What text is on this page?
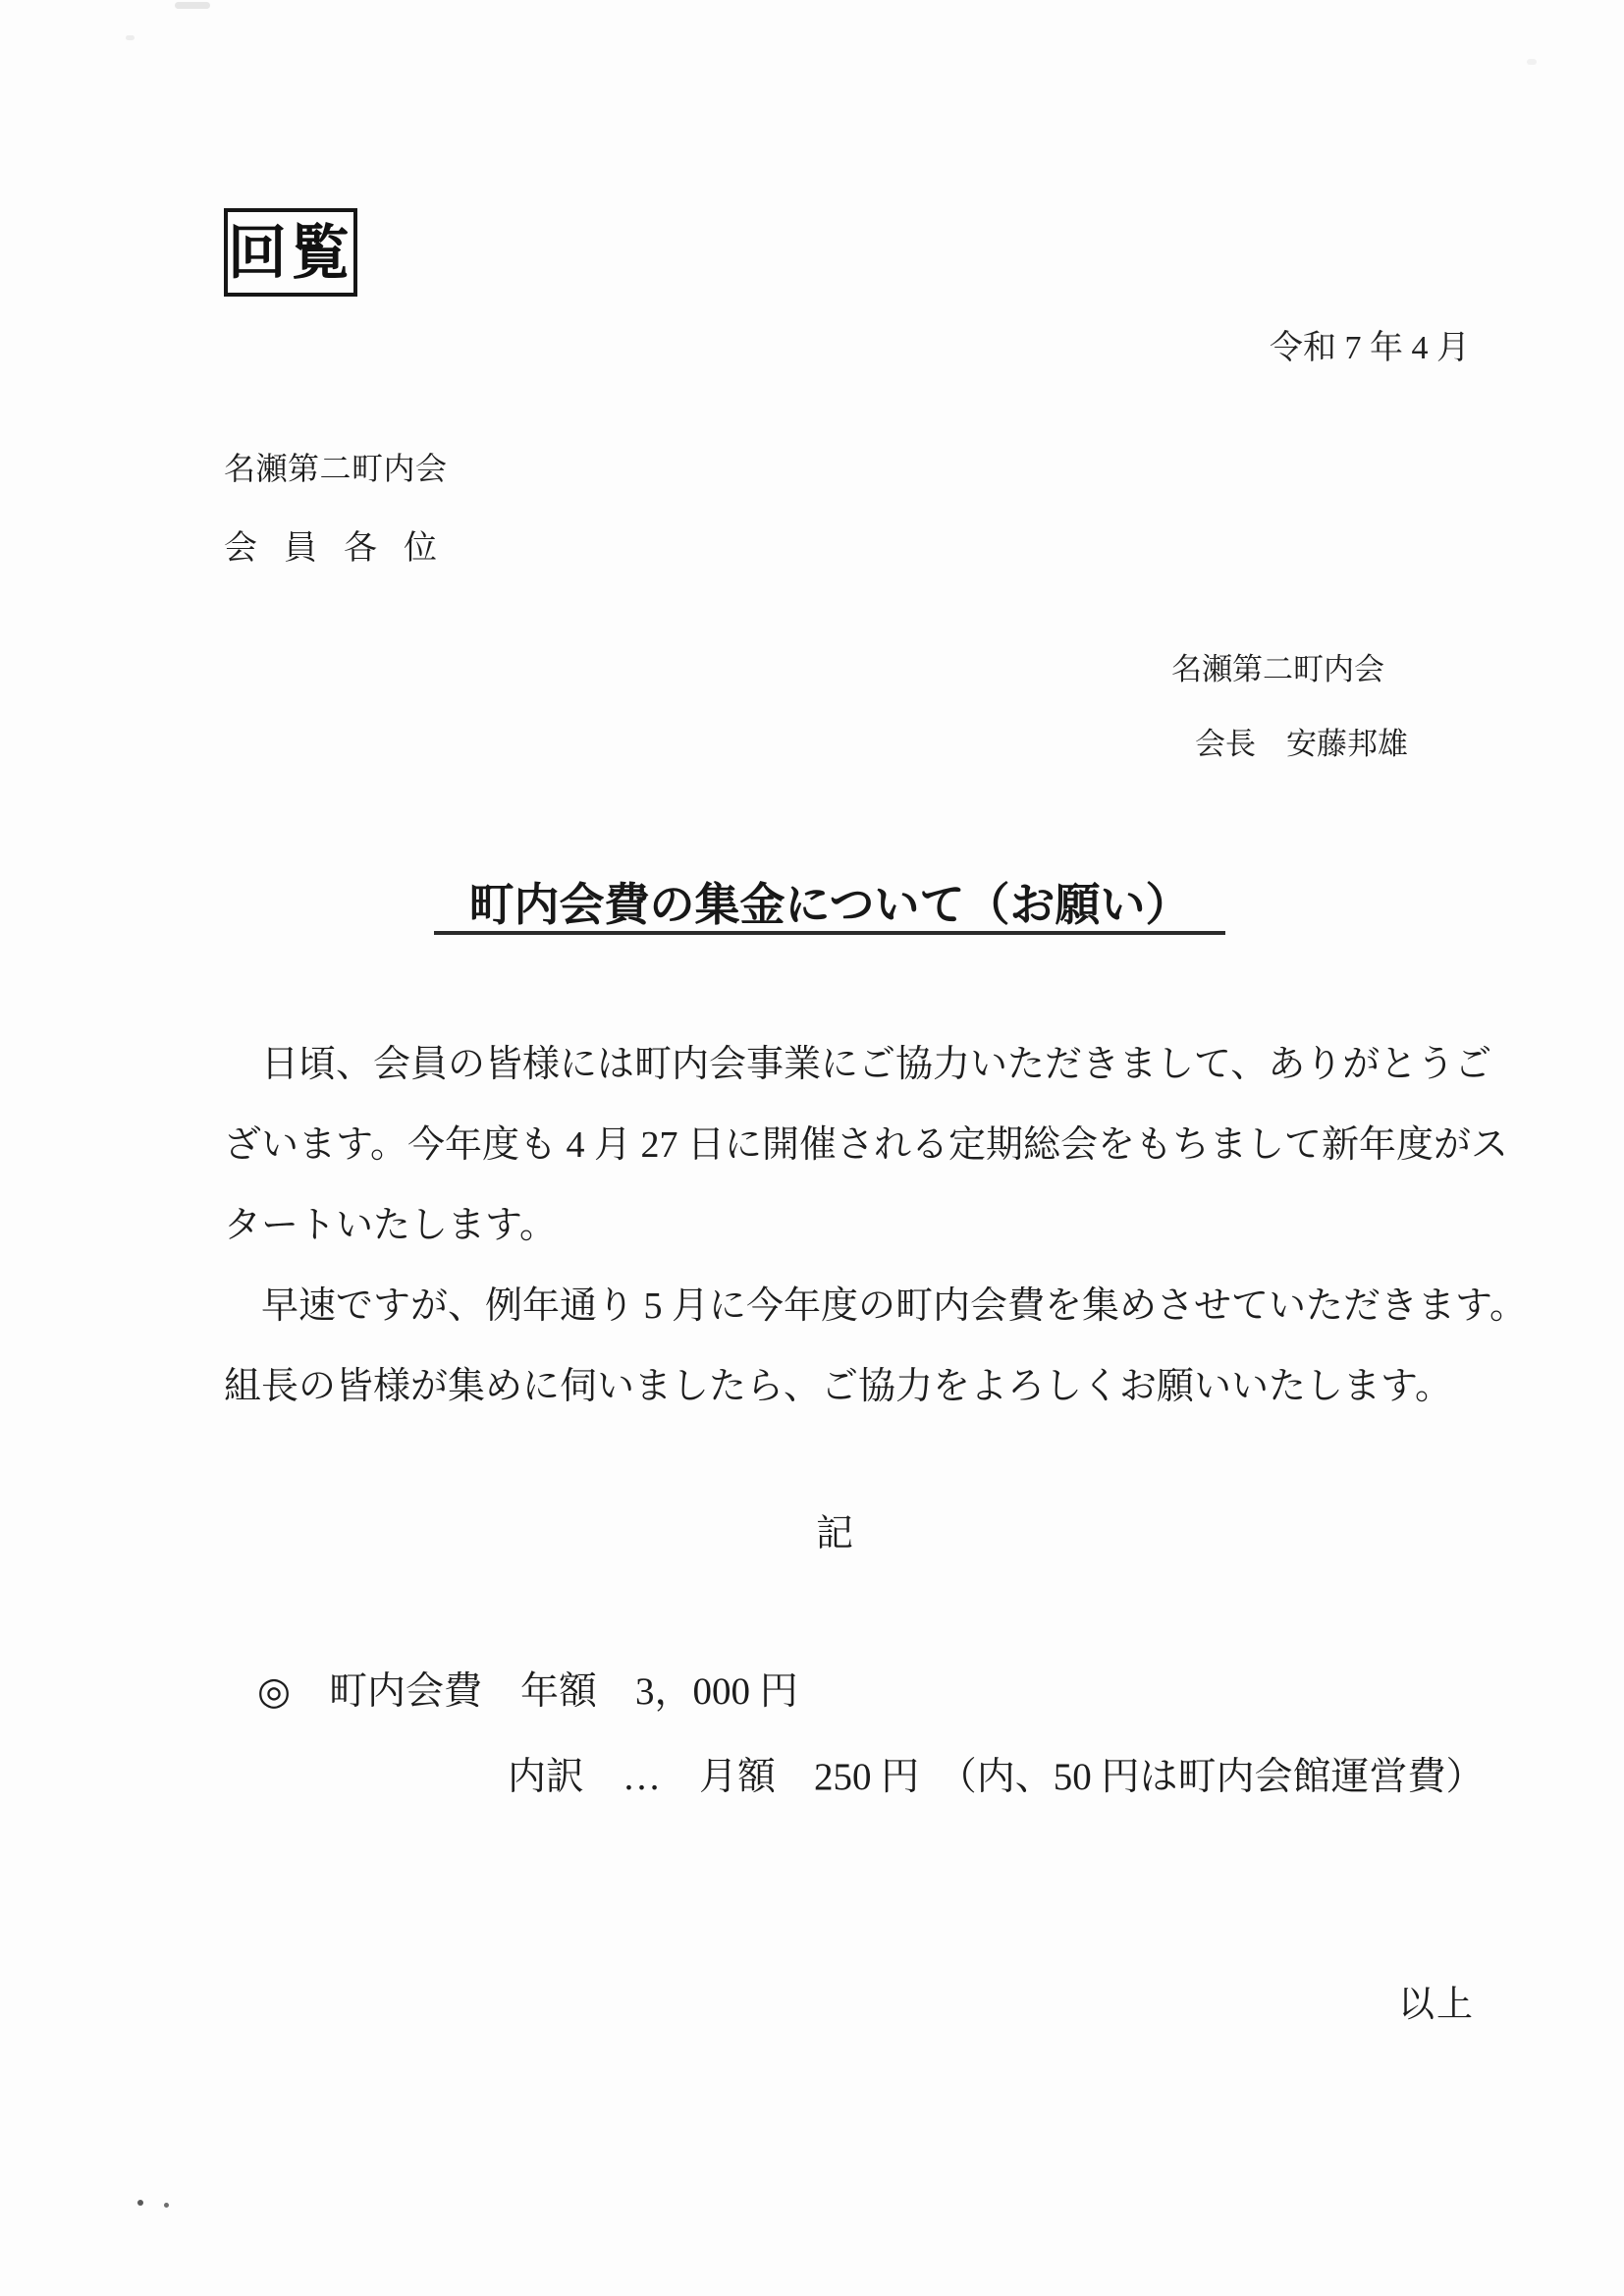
回覧
令和 7 年 4 月
名瀬第二町内会
会員各位
名瀬第二町内会
会長　安藤邦雄
町内会費の集金について（お願い）
　日頃、会員の皆様には町内会事業にご協力いただきまして、ありがとうご
ざいます。今年度も 4 月 27 日に開催される定期総会をもちまして新年度がス
タートいたします。
　早速ですが、例年通り 5 月に今年度の町内会費を集めさせていただきます。
組長の皆様が集めに伺いましたら、ご協力をよろしくお願いいたします。
記
◎　町内会費　年額　3，000 円
内訳　…　月額　250 円　（内、50 円は町内会館運営費）
以上
